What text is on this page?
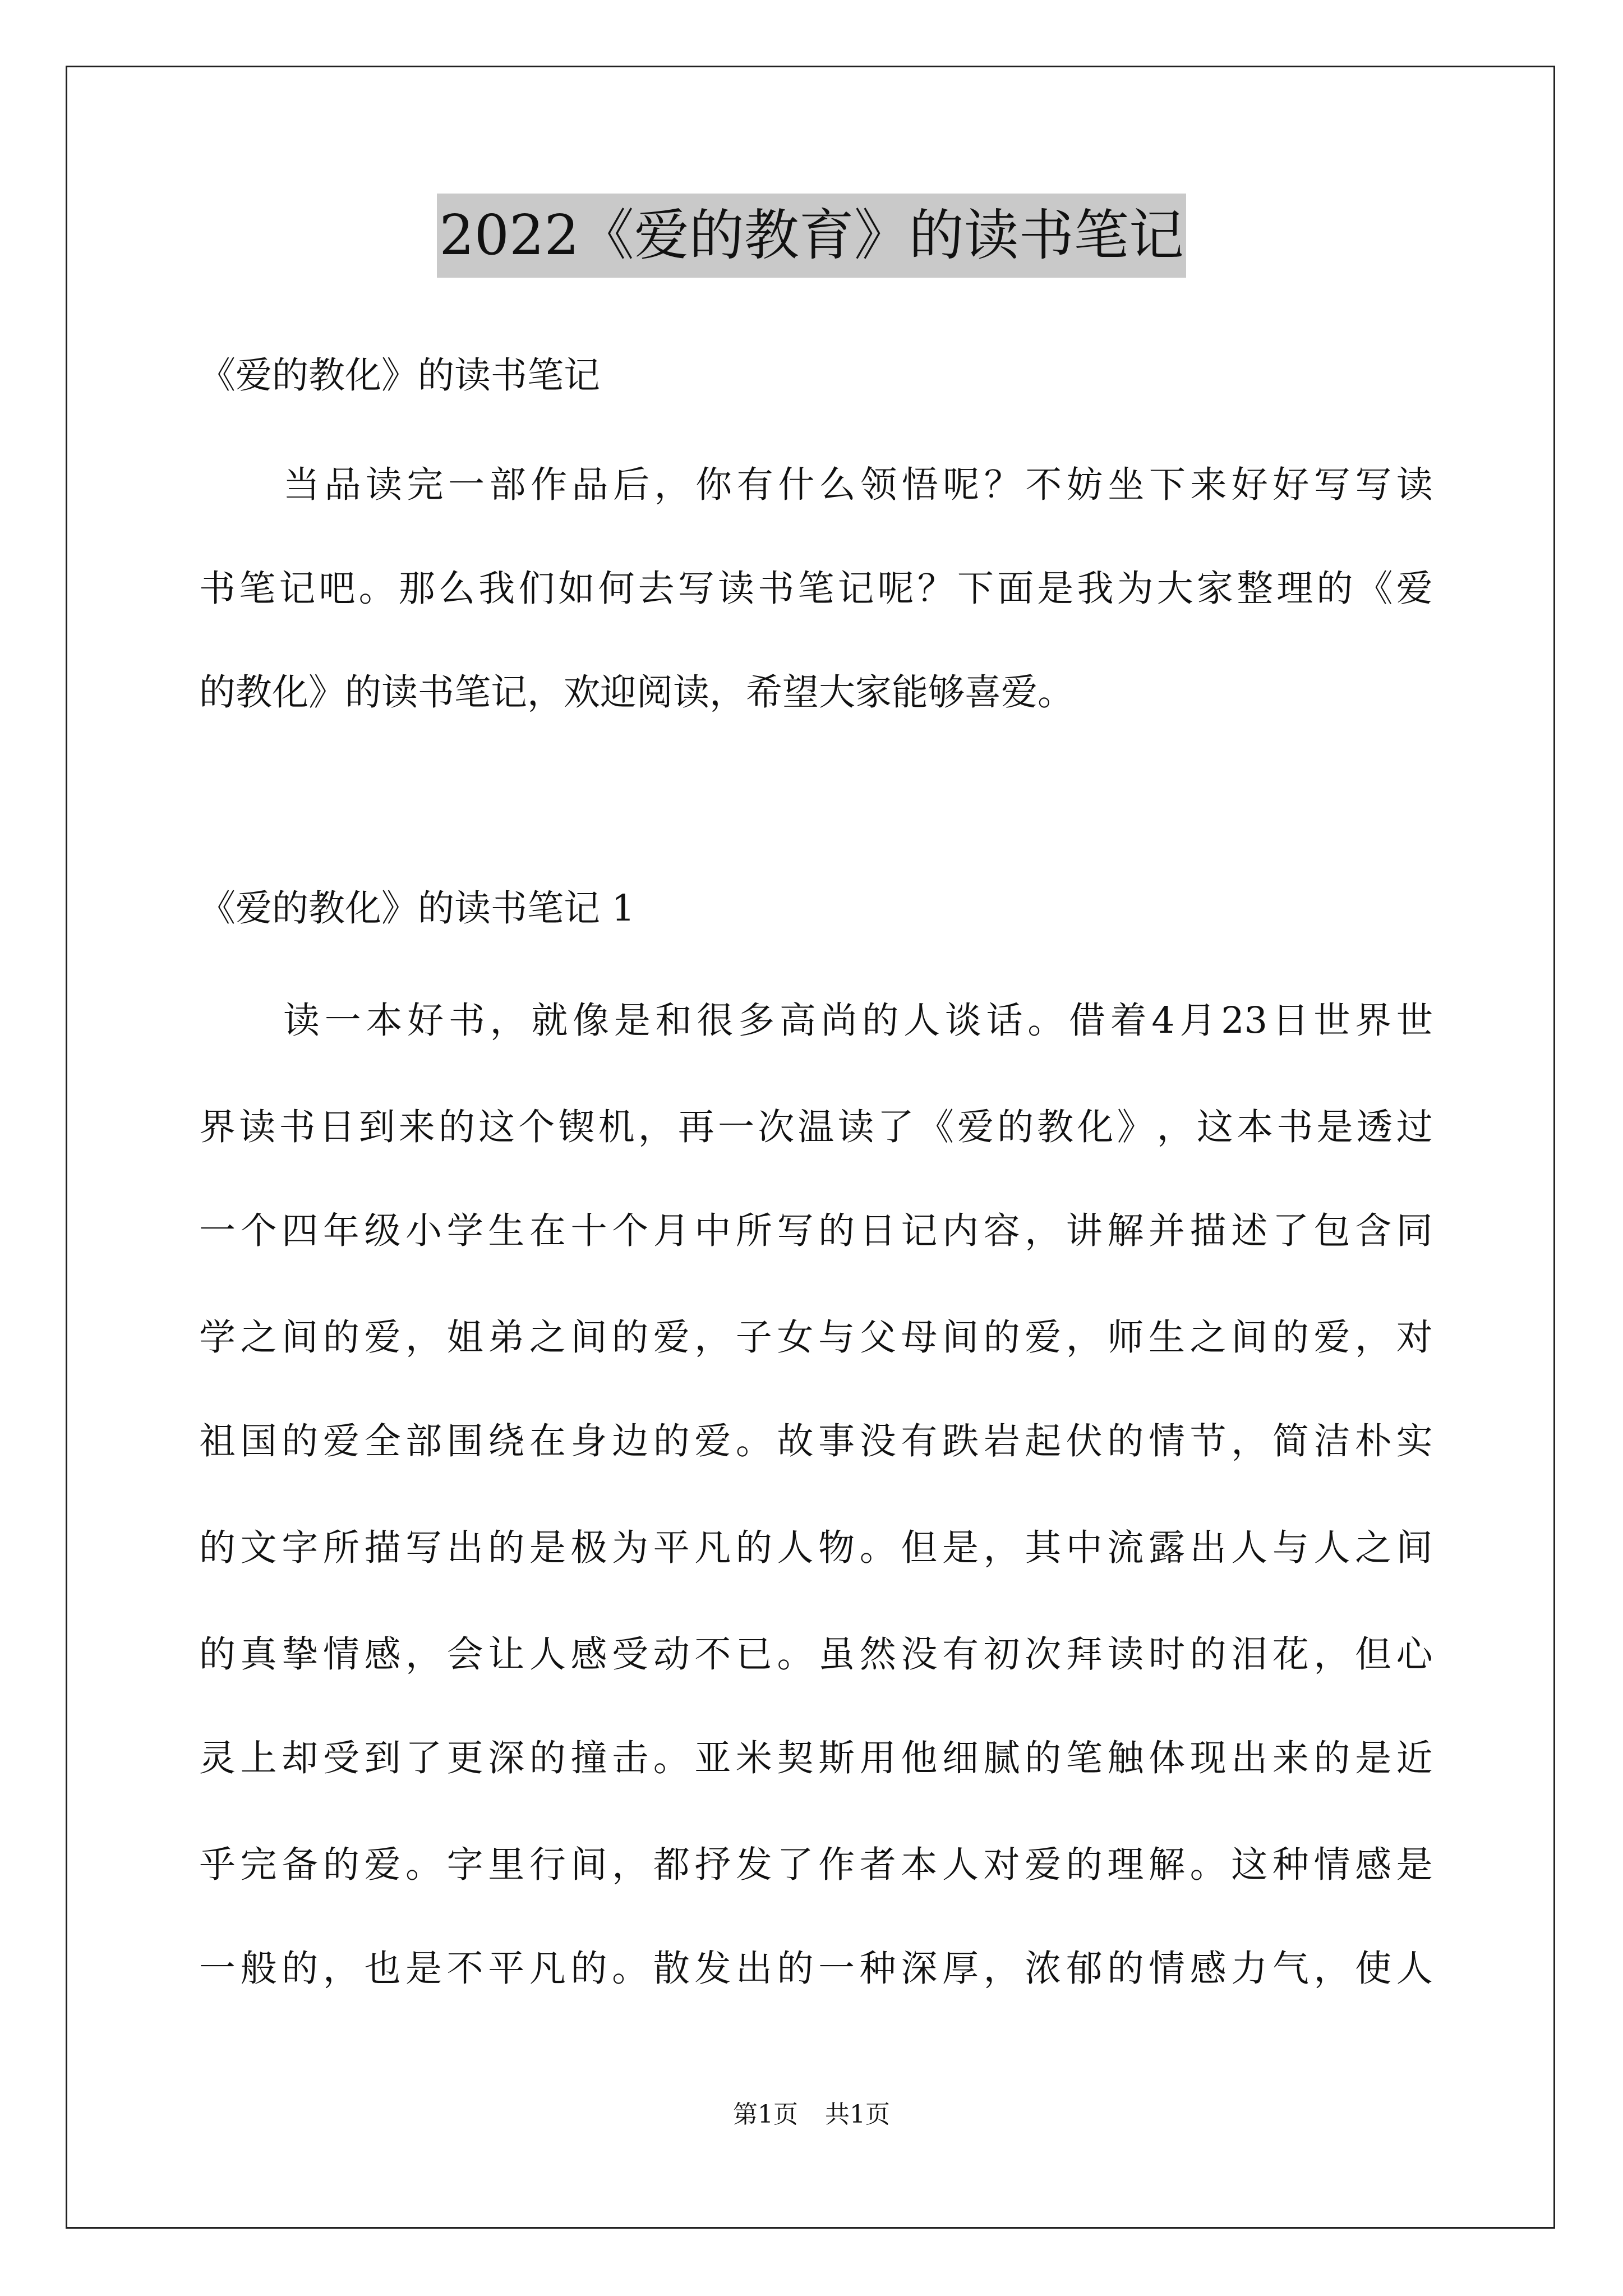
2022《爱的教育》的读书笔记
《爱的教化》的读书笔记
当 品 读 完 一 部 作 品 后 ， 你 有 什 么 领 悟 呢 ？ 不 妨 坐 下 来 好 好 写 写 读
书 笔 记 吧 。 那 么 我 们 如 何 去 写 读 书 笔 记 呢 ？ 下 面 是 我 为 大 家 整 理 的 《 爱
的教化》的读书笔记，欢迎阅读，希望大家能够喜爱。
《爱的教化》的读书笔记 1
读 一 本 好 书 ， 就 像 是 和 很 多 高 尚 的 人 谈 话 。 借 着 4 月 23 日 世 界 世
界 读 书 日 到 来 的 这 个 锲 机 ， 再 一 次 温 读 了 《 爱 的 教 化 》 ， 这 本 书 是 透 过
一 个 四 年 级 小 学 生 在 十 个 月 中 所 写 的 日 记 内 容 ， 讲 解 并 描 述 了 包 含 同
学 之 间 的 爱 ， 姐 弟 之 间 的 爱 ， 子 女 与 父 母 间 的 爱 ， 师 生 之 间 的 爱 ， 对
祖 国 的 爱 全 部 围 绕 在 身 边 的 爱 。 故 事 没 有 跌 岩 起 伏 的 情 节 ， 简 洁 朴 实
的 文 字 所 描 写 出 的 是 极 为 平 凡 的 人 物 。 但 是 ， 其 中 流 露 出 人 与 人 之 间
的 真 挚 情 感 ， 会 让 人 感 受 动 不 已 。 虽 然 没 有 初 次 拜 读 时 的 泪 花 ， 但 心
灵 上 却 受 到 了 更 深 的 撞 击 。 亚 米 契 斯 用 他 细 腻 的 笔 触 体 现 出 来 的 是 近
乎 完 备 的 爱 。 字 里 行 间 ， 都 抒 发 了 作 者 本 人 对 爱 的 理 解 。 这 种 情 感 是
一 般 的 ， 也 是 不 平 凡 的 。 散 发 出 的 一 种 深 厚 ， 浓 郁 的 情 感 力 气 ， 使 人
第1页 共1页
